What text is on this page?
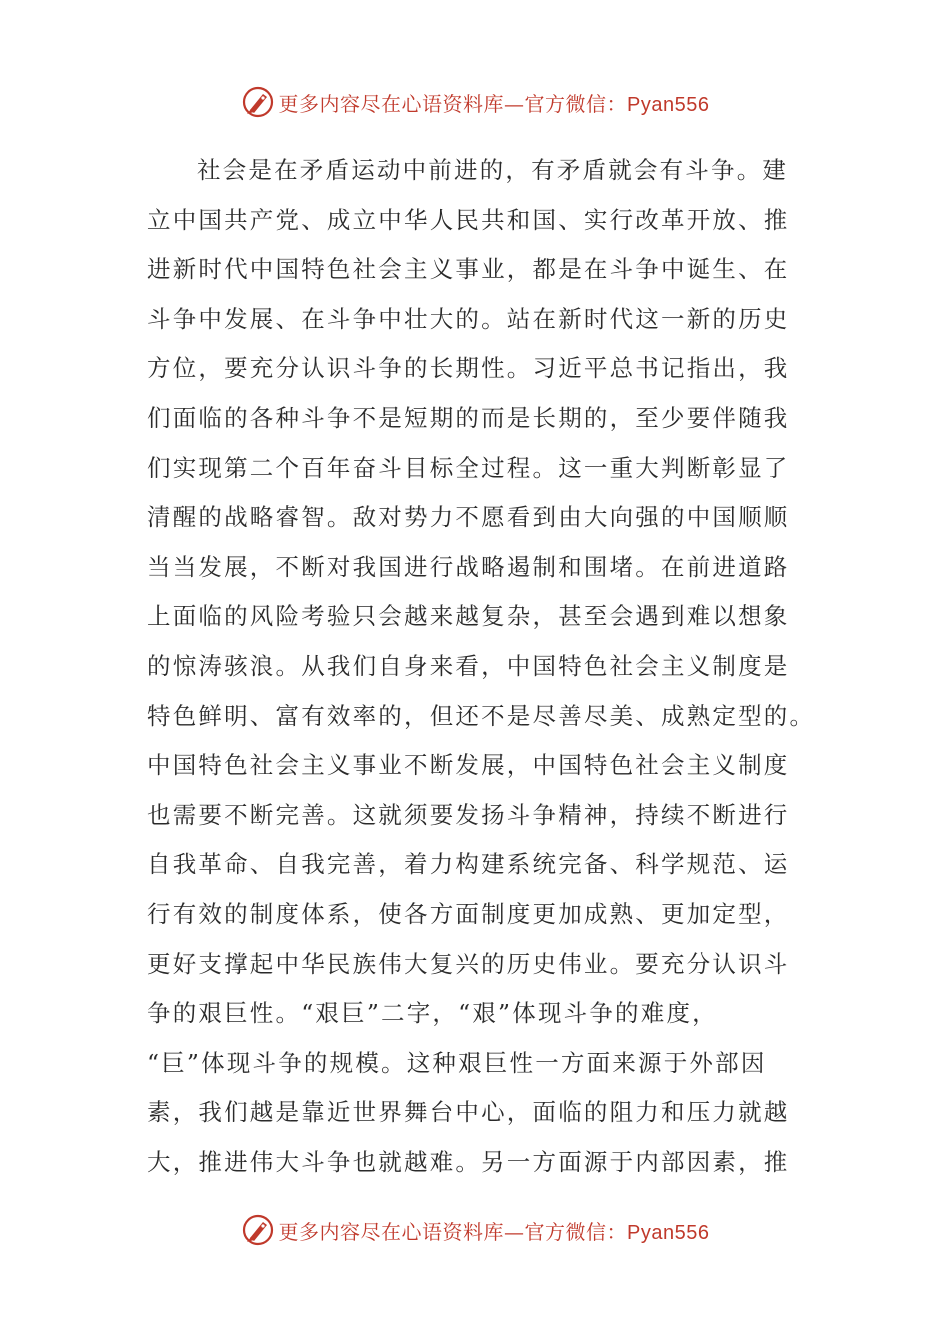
更多内容尽在心语资料库—官方微信：Pyan556
社会是在矛盾运动中前进的，有矛盾就会有斗争。建
立中国共产党、成立中华人民共和国、实行改革开放、推
进新时代中国特色社会主义事业，都是在斗争中诞生、在
斗争中发展、在斗争中壮大的。站在新时代这一新的历史
方位，要充分认识斗争的长期性。习近平总书记指出，我
们面临的各种斗争不是短期的而是长期的，至少要伴随我
们实现第二个百年奋斗目标全过程。这一重大判断彰显了
清醒的战略睿智。敌对势力不愿看到由大向强的中国顺顺
当当发展，不断对我国进行战略遏制和围堵。在前进道路
上面临的风险考验只会越来越复杂，甚至会遇到难以想象
的惊涛骇浪。从我们自身来看，中国特色社会主义制度是
特色鲜明、富有效率的，但还不是尽善尽美、成熟定型的。
中国特色社会主义事业不断发展，中国特色社会主义制度
也需要不断完善。这就须要发扬斗争精神，持续不断进行
自我革命、自我完善，着力构建系统完备、科学规范、运
行有效的制度体系，使各方面制度更加成熟、更加定型，
更好支撑起中华民族伟大复兴的历史伟业。要充分认识斗
争的艰巨性。“艰巨”二字，“艰”体现斗争的难度，
“巨”体现斗争的规模。这种艰巨性一方面来源于外部因
素，我们越是靠近世界舞台中心，面临的阻力和压力就越
大，推进伟大斗争也就越难。另一方面源于内部因素，推
更多内容尽在心语资料库—官方微信：Pyan556
